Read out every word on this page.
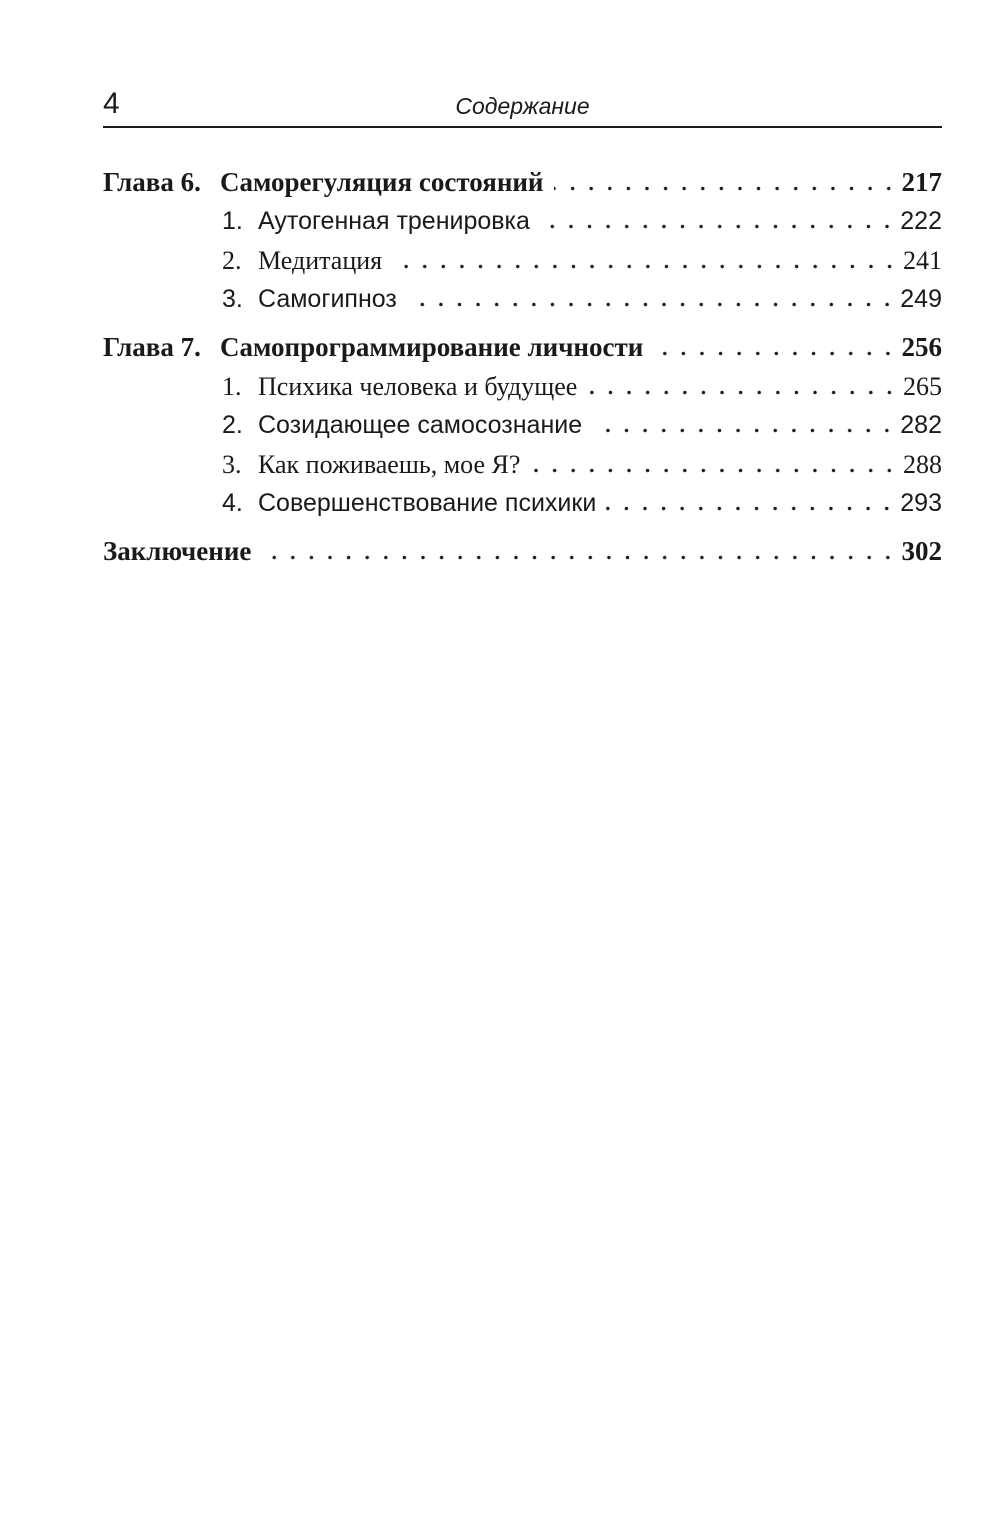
4	Содержание
Глава 6. Саморегуляция состояний	217
1. Аутогенная тренировка	222
2. Медитация	241
3. Самогипноз	249
Глава 7. Самопрограммирование личности	256
1. Психика человека и будущее	265
2. Созидающее самосознание	282
3. Как поживаешь, мое Я?	288
4. Совершенствование психики	293
Заключение	302
